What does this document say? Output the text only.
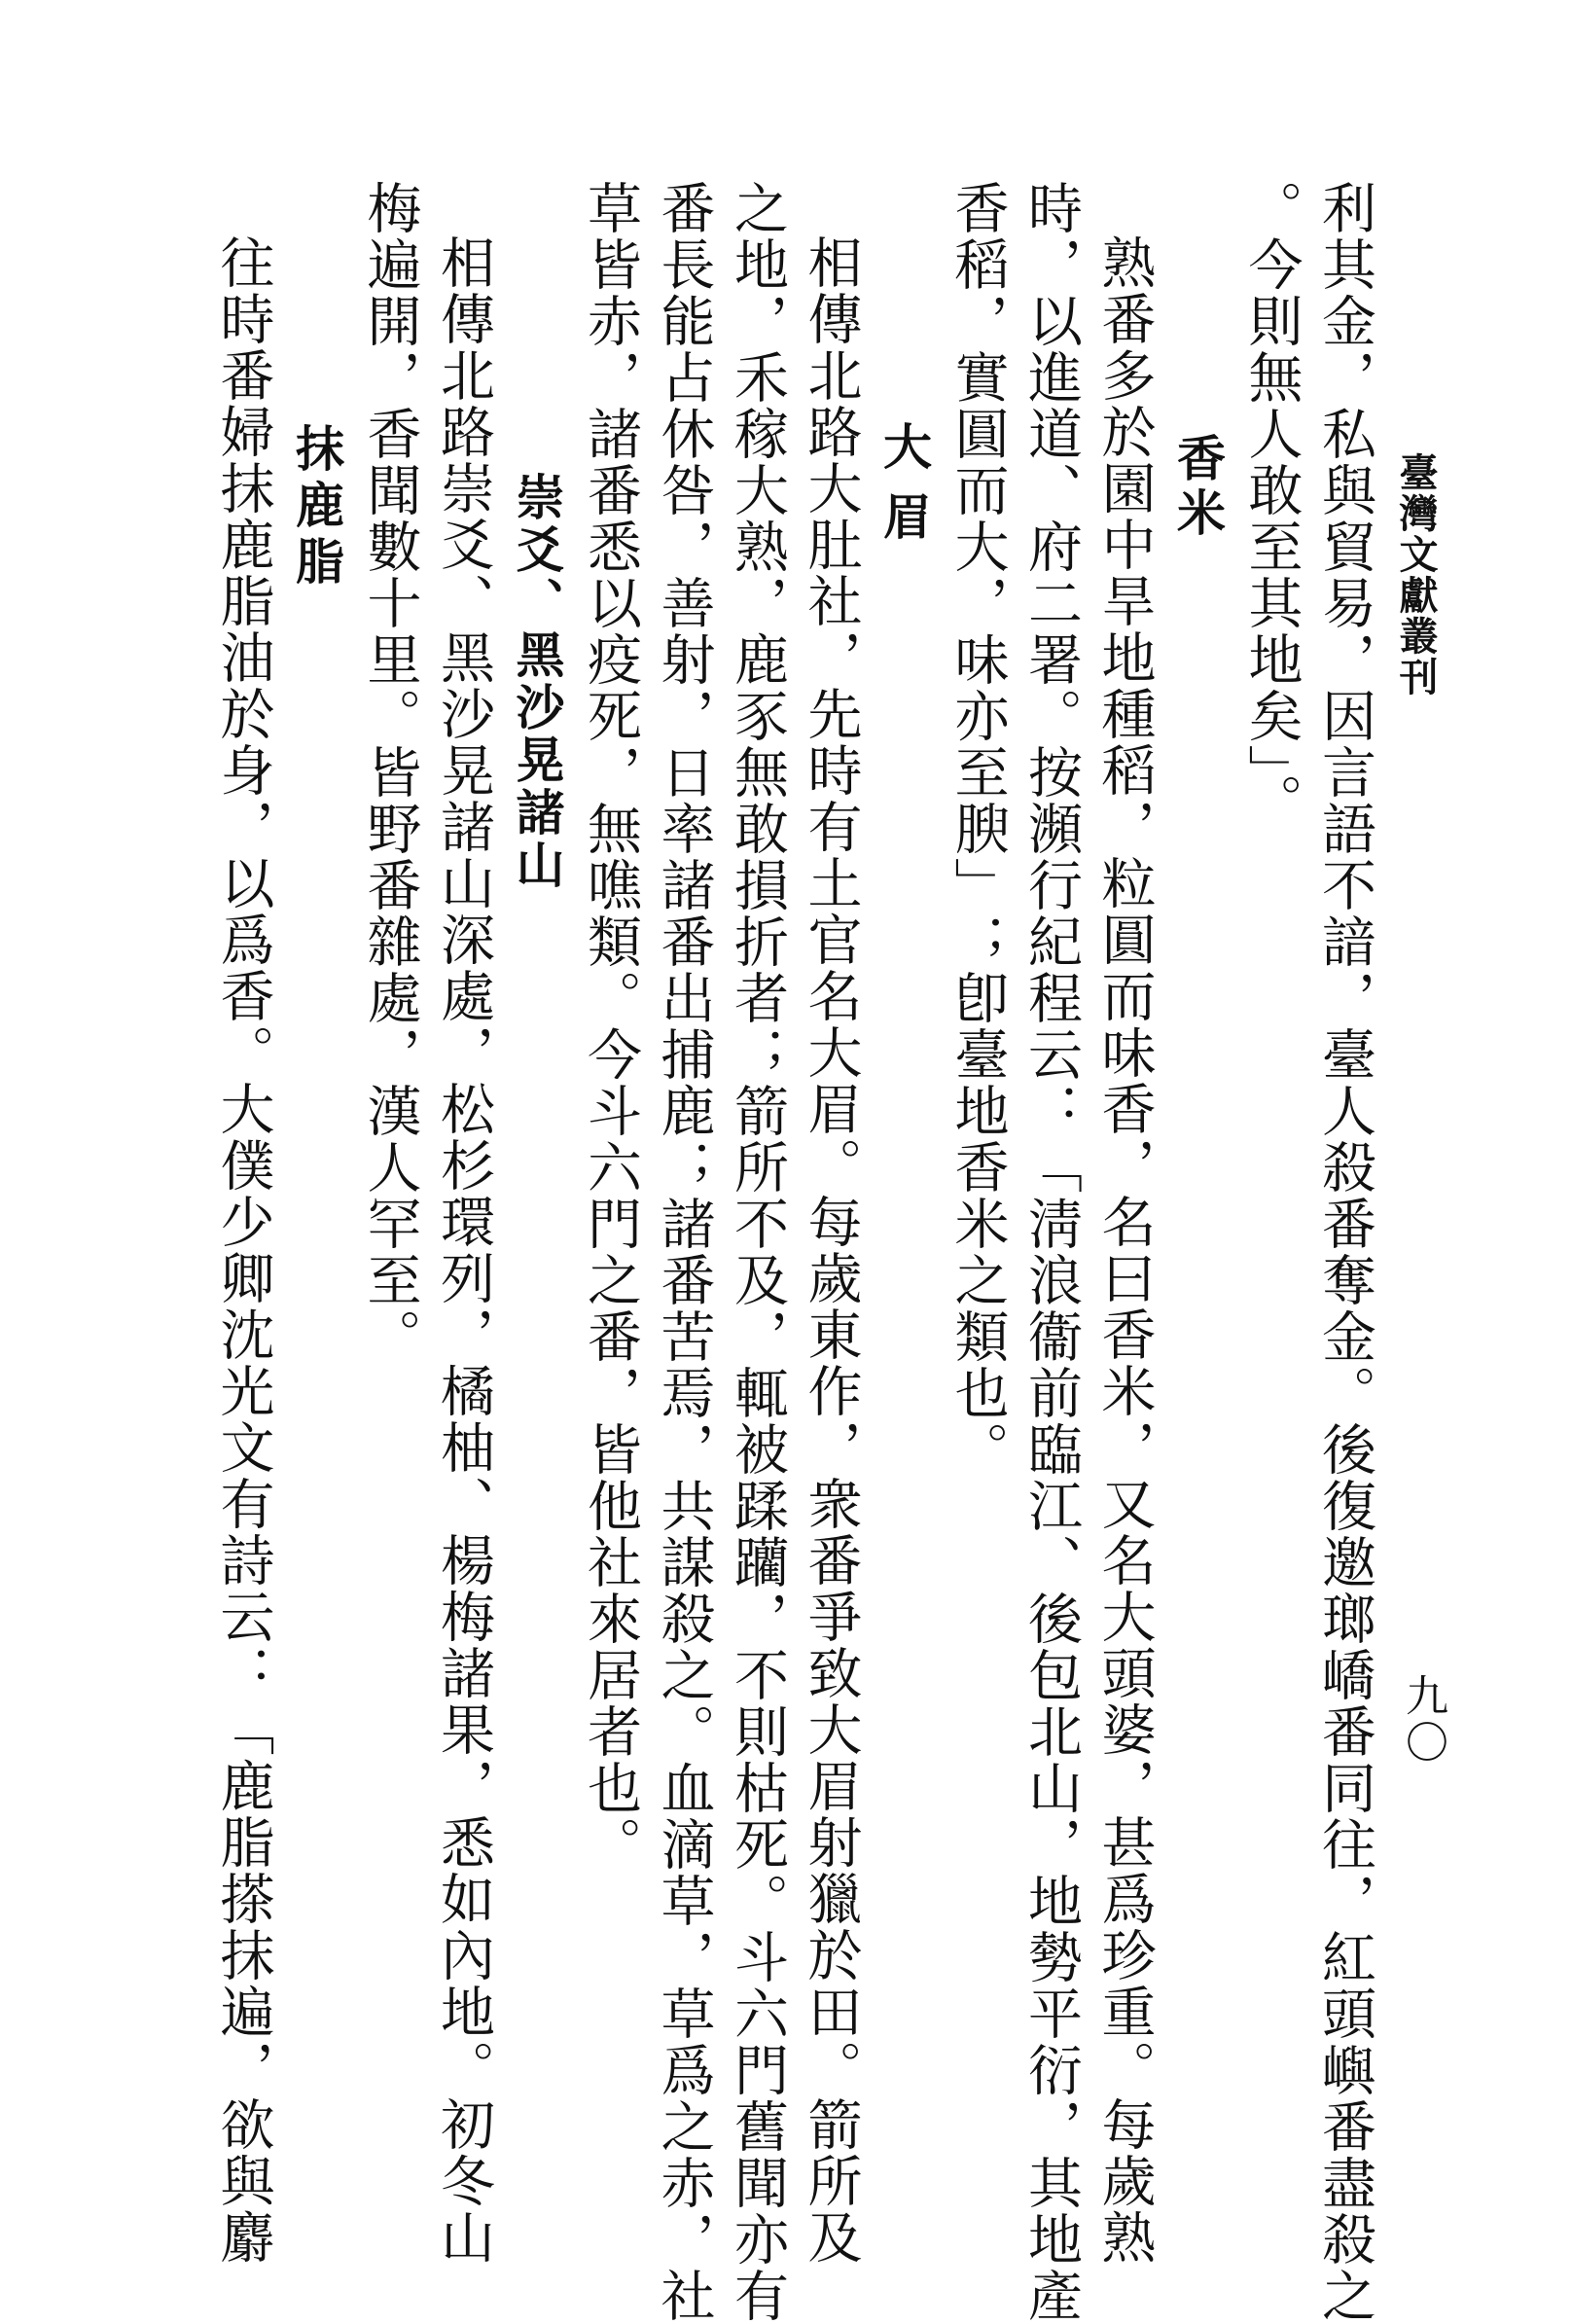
臺灣文獻叢刊
九〇
利其金，私與貿易，因言語不諳，臺人殺番奪金。後復邀瑯嶠番同往，紅頭嶼番盡殺之
。今則無人敢至其地矣」。
香米
熟番多於園中旱地種稻，粒圓而味香，名曰香米，又名大頭婆，甚爲珍重。每歲熟
時，以進道、府二署。按瀕行紀程云：「淸浪衞前臨江、後包北山，地勢平衍，其地產
香稻，實圓而大，味亦至腴」；卽臺地香米之類也。
大眉
相傳北路大肚社，先時有土官名大眉。每歲東作，衆番爭致大眉射獵於田。箭所及
之地，禾稼大熟，鹿豕無敢損折者；箭所不及，輒被蹂躪，不則枯死。斗六門舊聞亦有
番長能占休咎，善射，日率諸番出捕鹿；諸番苦焉，共謀殺之。血滴草，草爲之赤，社
草皆赤，諸番悉以疫死，無噍類。今斗六門之番，皆他社來居者也。
崇爻、黑沙晃諸山
相傳北路崇爻、黑沙晃諸山深處，松杉環列，橘柚、楊梅諸果，悉如內地。初冬山
梅遍開，香聞數十里。皆野番雜處，漢人罕至。
抹鹿脂
往時番婦抹鹿脂油於身，以爲香。大僕少卿沈光文有詩云：「鹿脂搽抹遍，欲與麝
